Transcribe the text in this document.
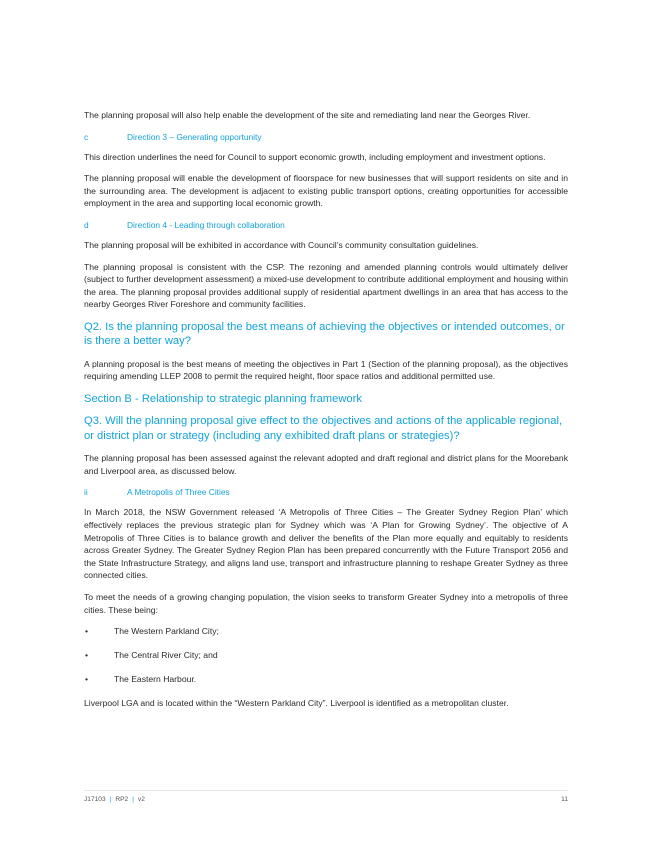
The planning proposal will also help enable the development of the site and remediating land near the Georges River.

c	Direction 3 – Generating opportunity

This direction underlines the need for Council to support economic growth, including employment and investment options.

The planning proposal will enable the development of floorspace for new businesses that will support residents on site and in the surrounding area. The development is adjacent to existing public transport options, creating opportunities for accessible employment in the area and supporting local economic growth.

d	Direction 4 - Leading through collaboration

The planning proposal will be exhibited in accordance with Council’s community consultation guidelines.

The planning proposal is consistent with the CSP. The rezoning and amended planning controls would ultimately deliver (subject to further development assessment) a mixed-use development to contribute additional employment and housing within the area. The planning proposal provides additional supply of residential apartment dwellings in an area that has access to the nearby Georges River Foreshore and community facilities.

Q2. Is the planning proposal the best means of achieving the objectives or intended outcomes, or is there a better way?

A planning proposal is the best means of meeting the objectives in Part 1 (Section of the planning proposal), as the objectives requiring amending LLEP 2008 to permit the required height, floor space ratios and additional permitted use.

Section B - Relationship to strategic planning framework
Q3. Will the planning proposal give effect to the objectives and actions of the applicable regional, or district plan or strategy (including any exhibited draft plans or strategies)?

The planning proposal has been assessed against the relevant adopted and draft regional and district plans for the Moorebank and Liverpool area, as discussed below.

ii	A Metropolis of Three Cities

In March 2018, the NSW Government released ‘A Metropolis of Three Cities – The Greater Sydney Region Plan’ which effectively replaces the previous strategic plan for Sydney which was ‘A Plan for Growing Sydney’. The objective of A Metropolis of Three Cities is to balance growth and deliver the benefits of the Plan more equally and equitably to residents across Greater Sydney. The Greater Sydney Region Plan has been prepared concurrently with the Future Transport 2056 and the State Infrastructure Strategy, and aligns land use, transport and infrastructure planning to reshape Greater Sydney as three connected cities.

To meet the needs of a growing changing population, the vision seeks to transform Greater Sydney into a metropolis of three cities. These being:

•	The Western Parkland City;
•	The Central River City; and
•	The Eastern Harbour.

Liverpool LGA and is located within the “Western Parkland City”. Liverpool is identified as a metropolitan cluster.

J17103 | RP2 | v2	11
